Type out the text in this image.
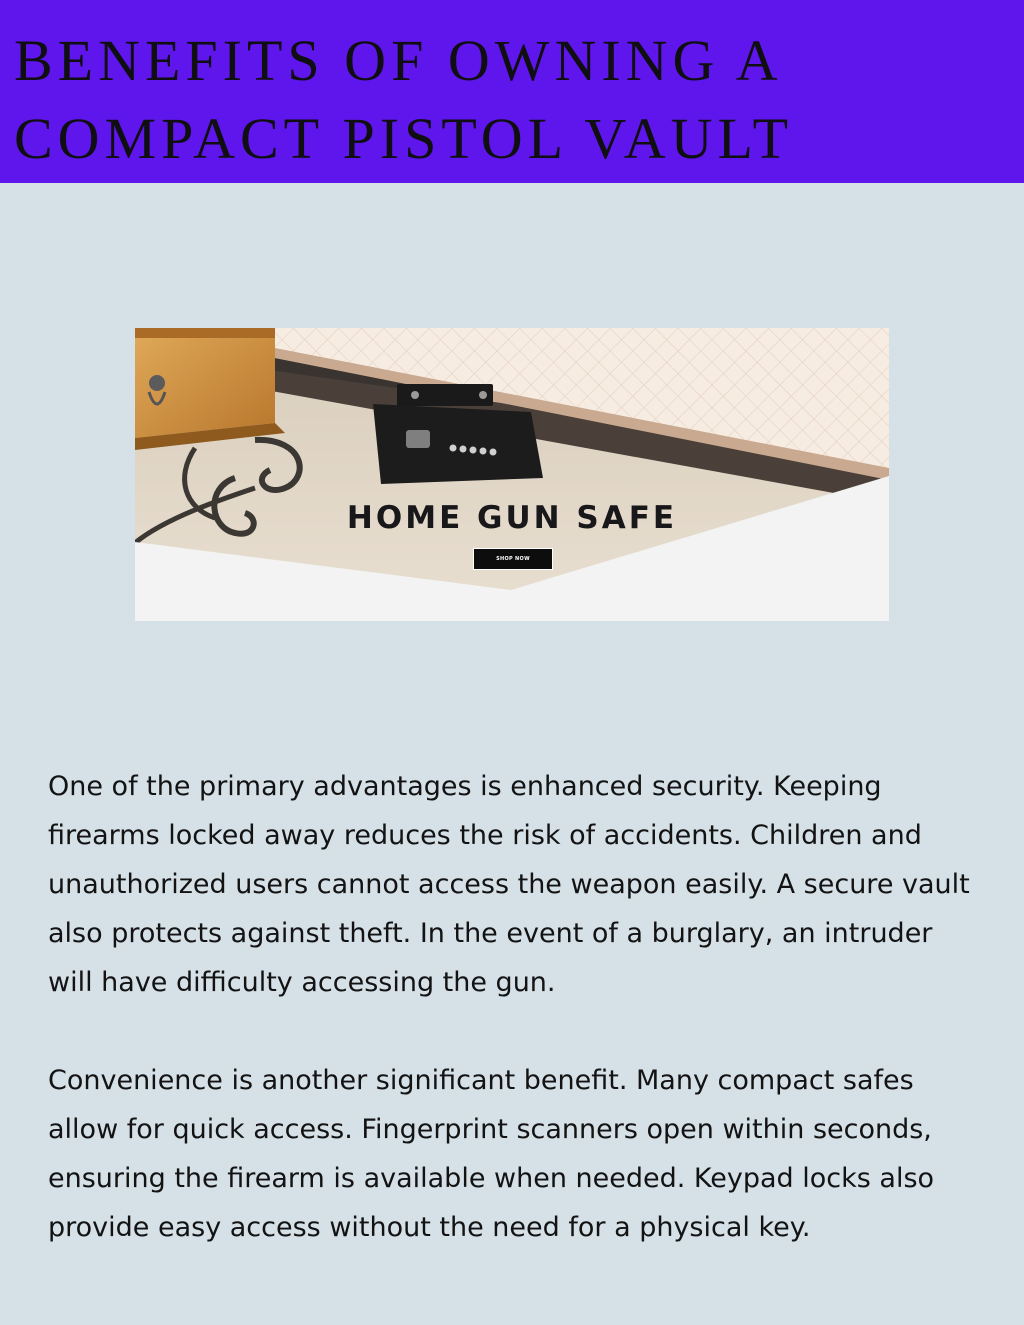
BENEFITS OF OWNING A
COMPACT PISTOL VAULT
HOME GUN SAFE
SHOP NOW

One of the primary advantages is enhanced security. Keeping
firearms locked away reduces the risk of accidents. Children and
unauthorized users cannot access the weapon easily. A secure vault
also protects against theft. In the event of a burglary, an intruder
will have difficulty accessing the gun.

Convenience is another significant benefit. Many compact safes
allow for quick access. Fingerprint scanners open within seconds,
ensuring the firearm is available when needed. Keypad locks also
provide easy access without the need for a physical key.
